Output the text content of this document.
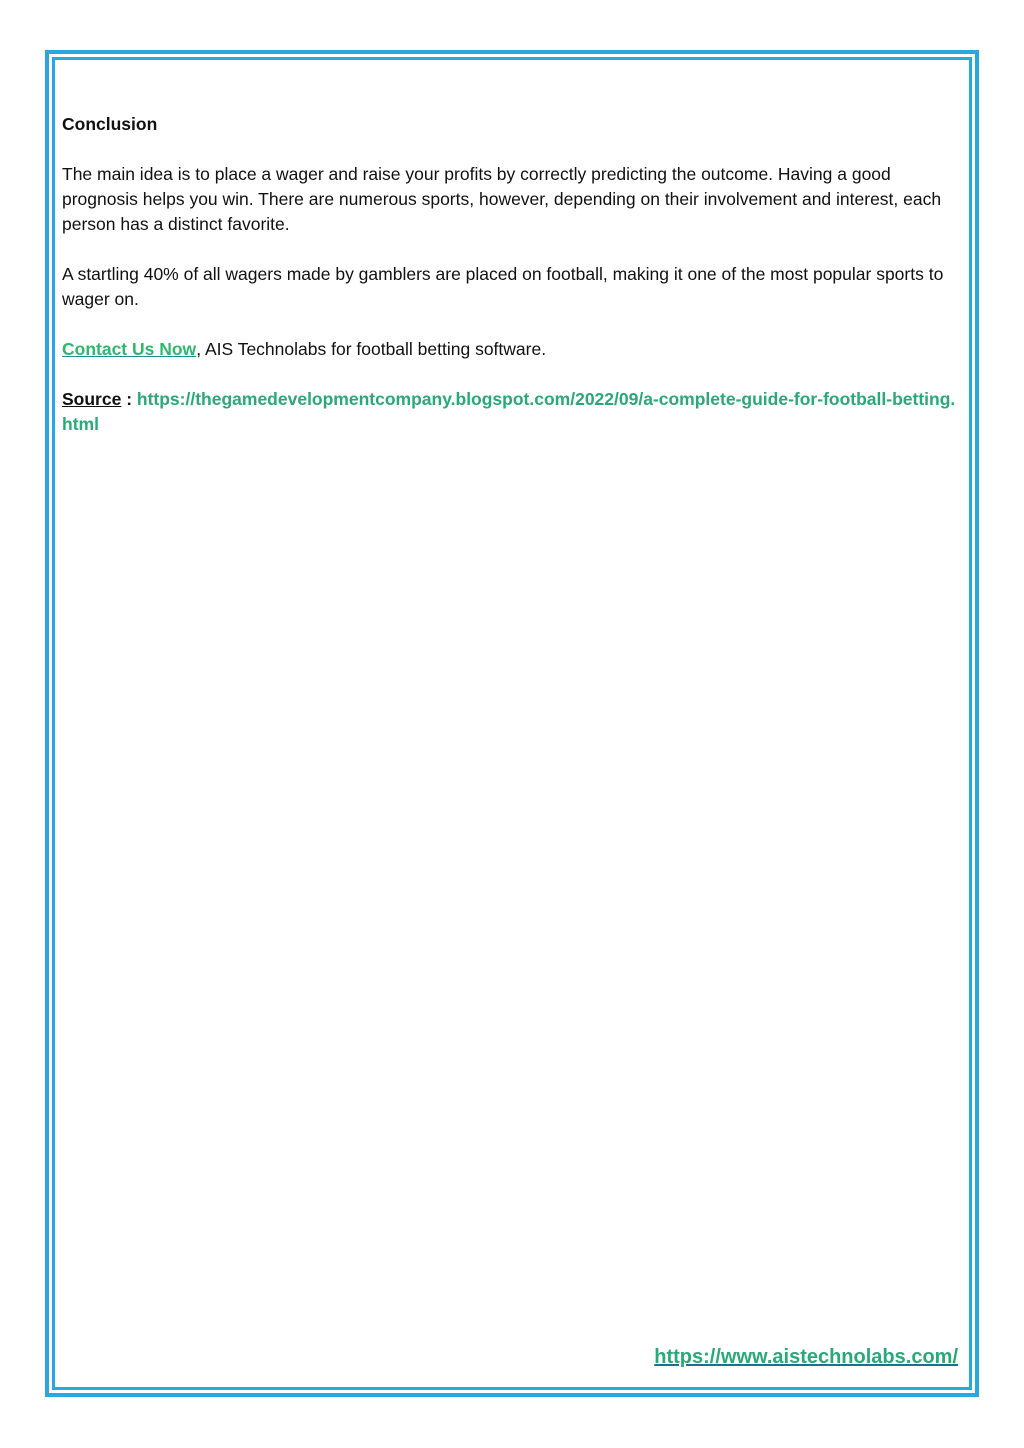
Conclusion

The main idea is to place a wager and raise your profits by correctly predicting the outcome. Having a good prognosis helps you win. There are numerous sports, however, depending on their involvement and interest, each person has a distinct favorite.

A startling 40% of all wagers made by gamblers are placed on football, making it one of the most popular sports to wager on.

Contact Us Now, AIS Technolabs for football betting software.

Source : https://thegamedevelopmentcompany.blogspot.com/2022/09/a-complete-guide-for-football-betting.html

https://www.aistechnolabs.com/
